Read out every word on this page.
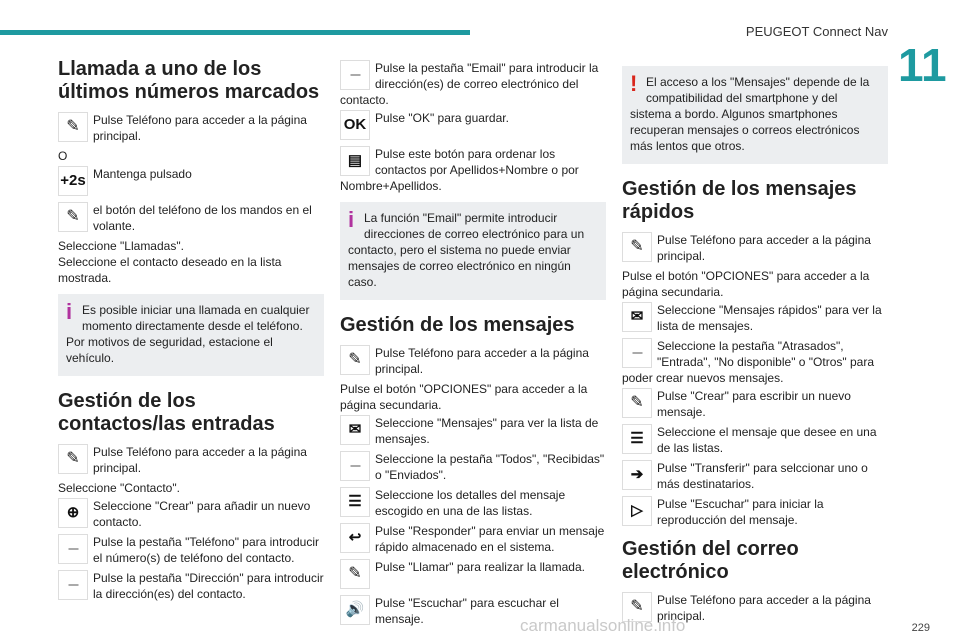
PEUGEOT Connect Nav
11
Llamada a uno de los últimos números marcados
✎	Pulse Teléfono para acceder a la página principal.

O

+2s Mantenga pulsado
✎	el botón del teléfono de los mandos en el volante.

Seleccione "Llamadas".

Seleccione el contacto deseado en la lista mostrada.

i Es posible iniciar una llamada en cualquier momento directamente desde el teléfono. Por motivos de seguridad, estacione el vehículo.
Gestión de los contactos/las entradas
✎	Pulse Teléfono para acceder a la página principal.

Seleccione "Contacto".

⊕	Seleccione "Crear" para añadir un nuevo contacto.
⎯⎯	Pulse la pestaña "Teléfono" para introducir el número(s) de teléfono del contacto.
⎯⎯	Pulse la pestaña "Dirección" para introducir la dirección(es) del contacto.
⎯⎯	Pulse la pestaña "Email" para introducir la dirección(es) de correo electrónico del contacto.
OK Pulse "OK" para guardar.
▤	Pulse este botón para ordenar los contactos por Apellidos+Nombre o por Nombre+Apellidos.
i La función "Email" permite introducir direcciones de correo electrónico para un contacto, pero el sistema no puede enviar mensajes de correo electrónico en ningún caso.
Gestión de los mensajes
✎	Pulse Teléfono para acceder a la página principal.

Pulse el botón "OPCIONES" para acceder a la página secundaria.

✉	Seleccione "Mensajes" para ver la lista de mensajes.
⎯⎯	Seleccione la pestaña "Todos", "Recibidas" o "Enviados".
☰	Seleccione los detalles del mensaje escogido en una de las listas.
↩	Pulse "Responder" para enviar un mensaje rápido almacenado en el sistema.
✎	Pulse "Llamar" para realizar la llamada.
🔊 Pulse "Escuchar" para escuchar el mensaje.
! El acceso a los "Mensajes" depende de la compatibilidad del smartphone y del sistema a bordo. Algunos smartphones recuperan mensajes o correos electrónicos más lentos que otros.
Gestión de los mensajes rápidos
✎	Pulse Teléfono para acceder a la página principal.

Pulse el botón "OPCIONES" para acceder a la página secundaria.

✉	Seleccione "Mensajes rápidos" para ver la lista de mensajes.
⎯⎯	Seleccione la pestaña "Atrasados", "Entrada", "No disponible" o "Otros" para poder crear nuevos mensajes.
✎	Pulse "Crear" para escribir un nuevo mensaje.
☰	Seleccione el mensaje que desee en una de las listas.
➔	Pulse "Transferir" para selccionar uno o más destinatarios.
▷	Pulse "Escuchar" para iniciar la reproducción del mensaje.
Gestión del correo electrónico
✎	Pulse Teléfono para acceder a la página principal.
carmanualsonline.info	229
